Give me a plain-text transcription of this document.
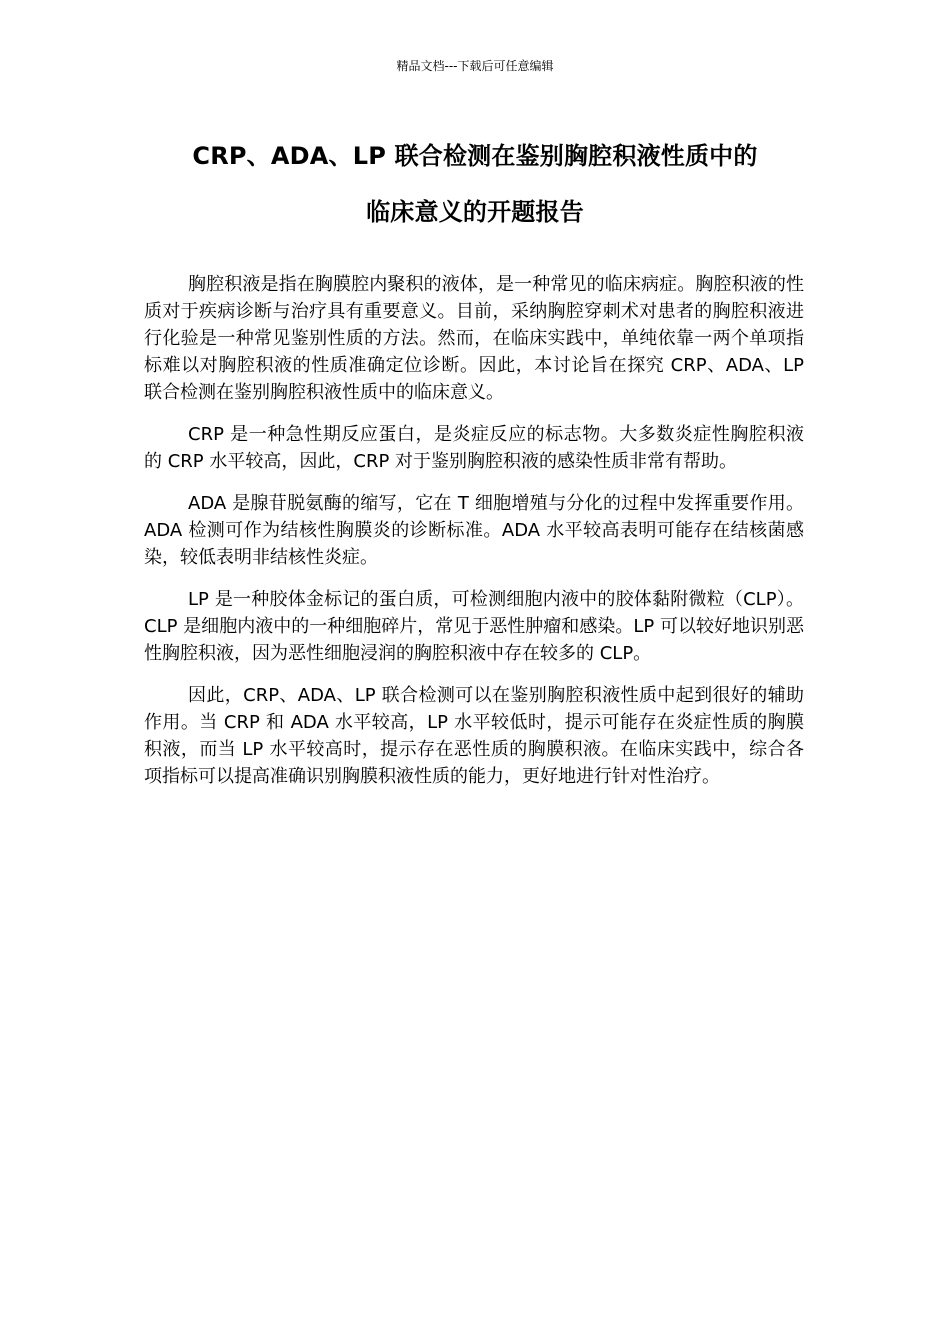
精品文档---下载后可任意编辑
CRP、ADA、LP 联合检测在鉴别胸腔积液性质中的
临床意义的开题报告

胸腔积液是指在胸膜腔内聚积的液体，是一种常见的临床病症。胸腔积液的性质对于疾病诊断与治疗具有重要意义。目前，采纳胸腔穿刺术对患者的胸腔积液进行化验是一种常见鉴别性质的方法。然而，在临床实践中，单纯依靠一两个单项指标难以对胸腔积液的性质准确定位诊断。因此，本讨论旨在探究 CRP、ADA、LP 联合检测在鉴别胸腔积液性质中的临床意义。

CRP 是一种急性期反应蛋白，是炎症反应的标志物。大多数炎症性胸腔积液的 CRP 水平较高，因此，CRP 对于鉴别胸腔积液的感染性质非常有帮助。

ADA 是腺苷脱氨酶的缩写，它在 T 细胞增殖与分化的过程中发挥重要作用。ADA 检测可作为结核性胸膜炎的诊断标准。ADA 水平较高表明可能存在结核菌感染，较低表明非结核性炎症。

LP 是一种胶体金标记的蛋白质，可检测细胞内液中的胶体黏附微粒（CLP）。CLP 是细胞内液中的一种细胞碎片，常见于恶性肿瘤和感染。LP 可以较好地识别恶性胸腔积液，因为恶性细胞浸润的胸腔积液中存在较多的 CLP。

因此，CRP、ADA、LP 联合检测可以在鉴别胸腔积液性质中起到很好的辅助作用。当 CRP 和 ADA 水平较高，LP 水平较低时，提示可能存在炎症性质的胸膜积液，而当 LP 水平较高时，提示存在恶性质的胸膜积液。在临床实践中，综合各项指标可以提高准确识别胸膜积液性质的能力，更好地进行针对性治疗。
